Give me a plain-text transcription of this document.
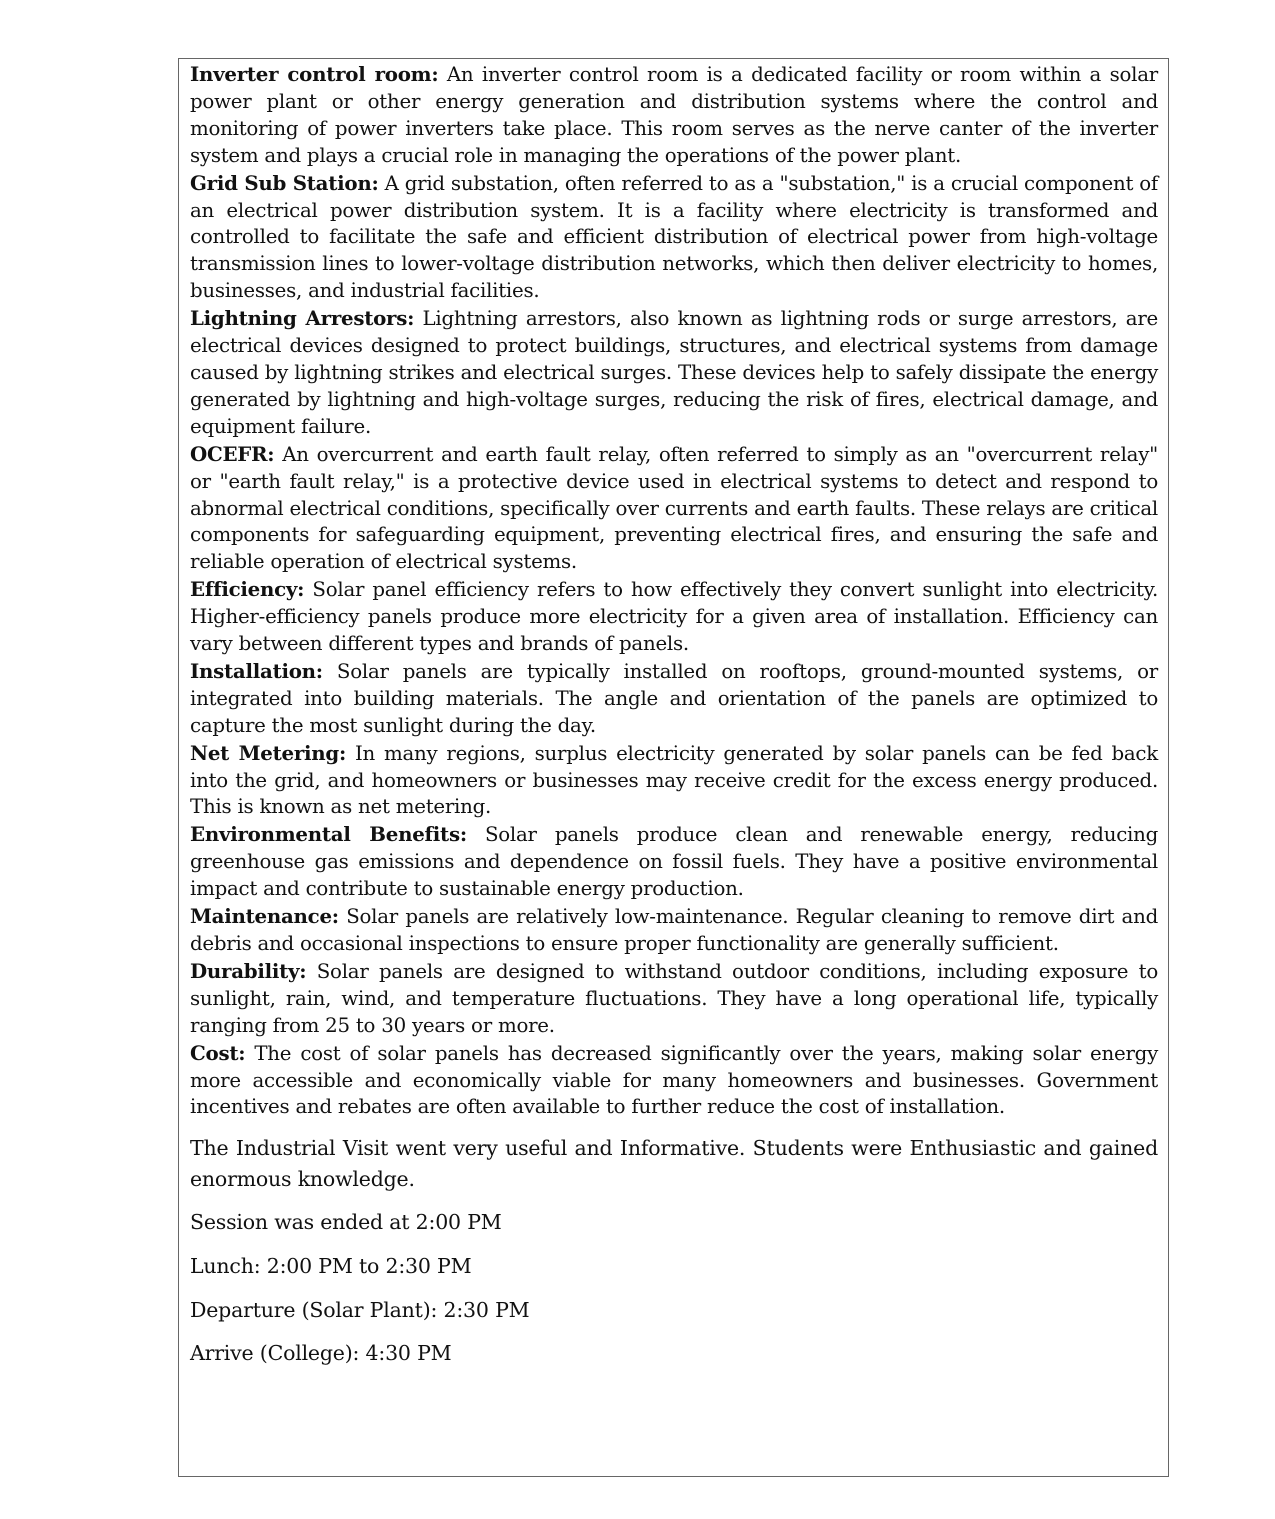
Inverter control room: An inverter control room is a dedicated facility or room within a solar power plant or other energy generation and distribution systems where the control and monitoring of power inverters take place. This room serves as the nerve canter of the inverter system and plays a crucial role in managing the operations of the power plant.

Grid Sub Station: A grid substation, often referred to as a "substation," is a crucial component of an electrical power distribution system. It is a facility where electricity is transformed and controlled to facilitate the safe and efficient distribution of electrical power from high-voltage transmission lines to lower-voltage distribution networks, which then deliver electricity to homes, businesses, and industrial facilities.

Lightning Arrestors: Lightning arrestors, also known as lightning rods or surge arrestors, are electrical devices designed to protect buildings, structures, and electrical systems from damage caused by lightning strikes and electrical surges. These devices help to safely dissipate the energy generated by lightning and high-voltage surges, reducing the risk of fires, electrical damage, and equipment failure.

OCEFR: An overcurrent and earth fault relay, often referred to simply as an "overcurrent relay" or "earth fault relay," is a protective device used in electrical systems to detect and respond to abnormal electrical conditions, specifically over currents and earth faults. These relays are critical components for safeguarding equipment, preventing electrical fires, and ensuring the safe and reliable operation of electrical systems.

Efficiency: Solar panel efficiency refers to how effectively they convert sunlight into electricity. Higher-efficiency panels produce more electricity for a given area of installation. Efficiency can vary between different types and brands of panels.

Installation: Solar panels are typically installed on rooftops, ground-mounted systems, or integrated into building materials. The angle and orientation of the panels are optimized to capture the most sunlight during the day.

Net Metering: In many regions, surplus electricity generated by solar panels can be fed back into the grid, and homeowners or businesses may receive credit for the excess energy produced. This is known as net metering.

Environmental Benefits: Solar panels produce clean and renewable energy, reducing greenhouse gas emissions and dependence on fossil fuels. They have a positive environmental impact and contribute to sustainable energy production.

Maintenance: Solar panels are relatively low-maintenance. Regular cleaning to remove dirt and debris and occasional inspections to ensure proper functionality are generally sufficient.

Durability: Solar panels are designed to withstand outdoor conditions, including exposure to sunlight, rain, wind, and temperature fluctuations. They have a long operational life, typically ranging from 25 to 30 years or more.

Cost: The cost of solar panels has decreased significantly over the years, making solar energy more accessible and economically viable for many homeowners and businesses. Government incentives and rebates are often available to further reduce the cost of installation.

The Industrial Visit went very useful and Informative. Students were Enthusiastic and gained enormous knowledge.

Session was ended at 2:00 PM

Lunch: 2:00 PM to 2:30 PM

Departure (Solar Plant): 2:30 PM

Arrive (College): 4:30 PM
